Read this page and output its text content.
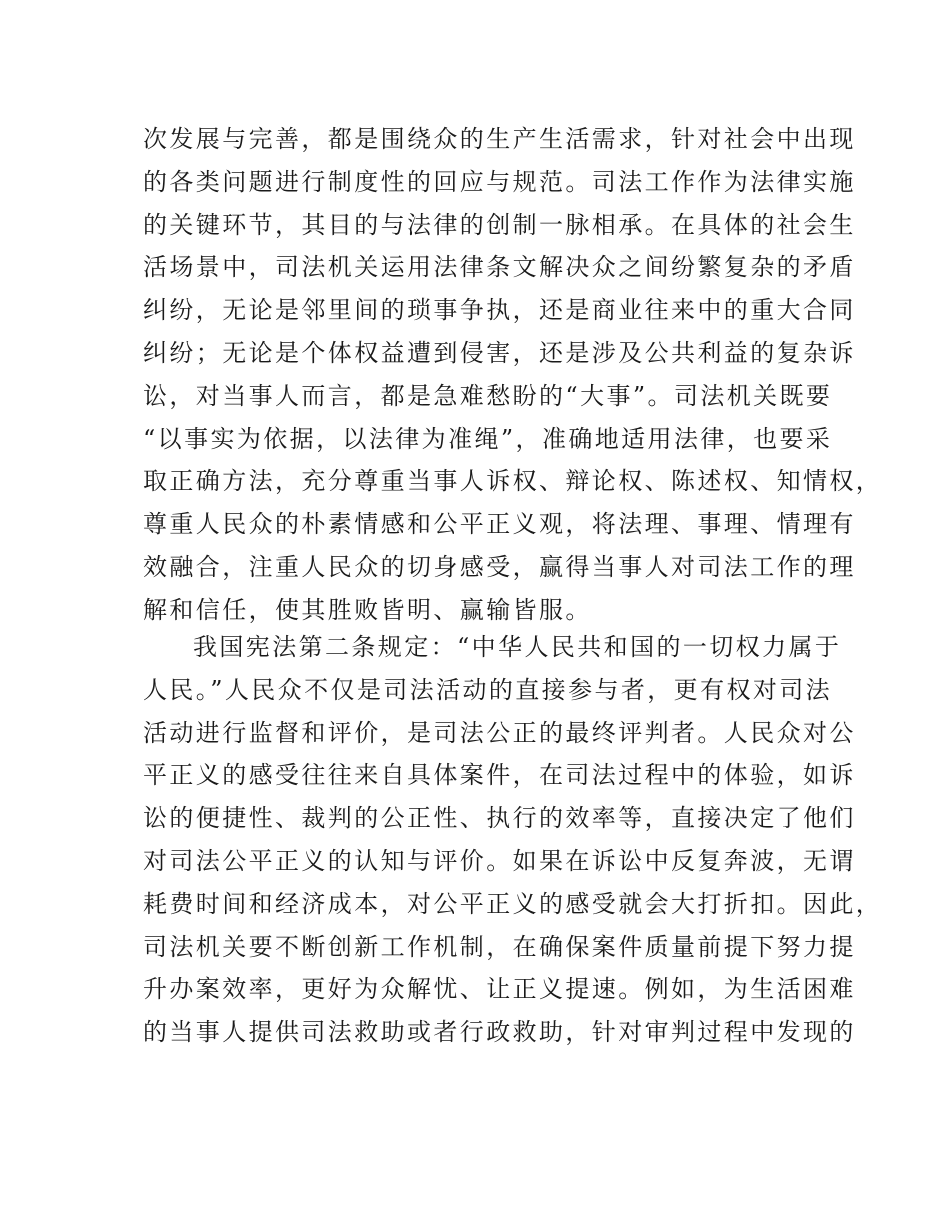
次发展与完善，都是围绕众的生产生活需求，针对社会中出现
的各类问题进行制度性的回应与规范。司法工作作为法律实施
的关键环节，其目的与法律的创制一脉相承。在具体的社会生
活场景中，司法机关运用法律条文解决众之间纷繁复杂的矛盾
纠纷，无论是邻里间的琐事争执，还是商业往来中的重大合同
纠纷；无论是个体权益遭到侵害，还是涉及公共利益的复杂诉
讼，对当事人而言，都是急难愁盼的“大事”。司法机关既要
“以事实为依据，以法律为准绳”，准确地适用法律，也要采
取正确方法，充分尊重当事人诉权、辩论权、陈述权、知情权，
尊重人民众的朴素情感和公平正义观，将法理、事理、情理有
效融合，注重人民众的切身感受，赢得当事人对司法工作的理
解和信任，使其胜败皆明、赢输皆服。
我国宪法第二条规定：“中华人民共和国的一切权力属于
人民。”人民众不仅是司法活动的直接参与者，更有权对司法
活动进行监督和评价，是司法公正的最终评判者。人民众对公
平正义的感受往往来自具体案件，在司法过程中的体验，如诉
讼的便捷性、裁判的公正性、执行的效率等，直接决定了他们
对司法公平正义的认知与评价。如果在诉讼中反复奔波，无谓
耗费时间和经济成本，对公平正义的感受就会大打折扣。因此，
司法机关要不断创新工作机制，在确保案件质量前提下努力提
升办案效率，更好为众解忧、让正义提速。例如，为生活困难
的当事人提供司法救助或者行政救助，针对审判过程中发现的
